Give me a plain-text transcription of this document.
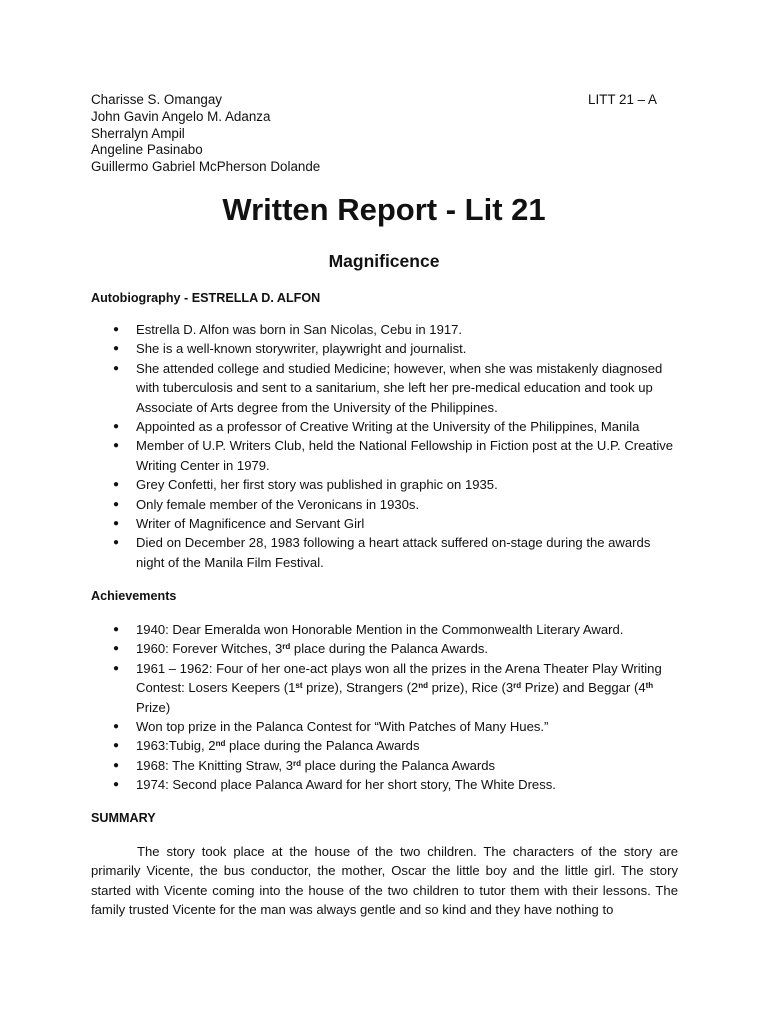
Charisse S. Omangay
John Gavin Angelo M. Adanza
Sherralyn Ampil
Angeline Pasinabo
Guillermo Gabriel McPherson Dolande
LITT 21 – A
Written Report - Lit 21
Magnificence
Autobiography - ESTRELLA D. ALFON
● Estrella D. Alfon was born in San Nicolas, Cebu in 1917.
● She is a well-known storywriter, playwright and journalist.
● She attended college and studied Medicine; however, when she was mistakenly diagnosed with tuberculosis and sent to a sanitarium, she left her pre-medical education and took up Associate of Arts degree from the University of the Philippines.
● Appointed as a professor of Creative Writing at the University of the Philippines, Manila
● Member of U.P. Writers Club, held the National Fellowship in Fiction post at the U.P. Creative Writing Center in 1979.
● Grey Confetti, her first story was published in graphic on 1935.
● Only female member of the Veronicans in 1930s.
● Writer of Magnificence and Servant Girl
● Died on December 28, 1983 following a heart attack suffered on-stage during the awards night of the Manila Film Festival.
Achievements
● 1940: Dear Emeralda won Honorable Mention in the Commonwealth Literary Award.
● 1960: Forever Witches, 3rd place during the Palanca Awards.
● 1961 – 1962: Four of her one-act plays won all the prizes in the Arena Theater Play Writing Contest: Losers Keepers (1st prize), Strangers (2nd prize), Rice (3rd Prize) and Beggar (4th Prize)
● Won top prize in the Palanca Contest for “With Patches of Many Hues.”
● 1963:Tubig, 2nd place during the Palanca Awards
● 1968: The Knitting Straw, 3rd place during the Palanca Awards
● 1974: Second place Palanca Award for her short story, The White Dress.
SUMMARY

The story took place at the house of the two children. The characters of the story are primarily Vicente, the bus conductor, the mother, Oscar the little boy and the little girl. The story started with Vicente coming into the house of the two children to tutor them with their lessons. The family trusted Vicente for the man was always gentle and so kind and they have nothing to
